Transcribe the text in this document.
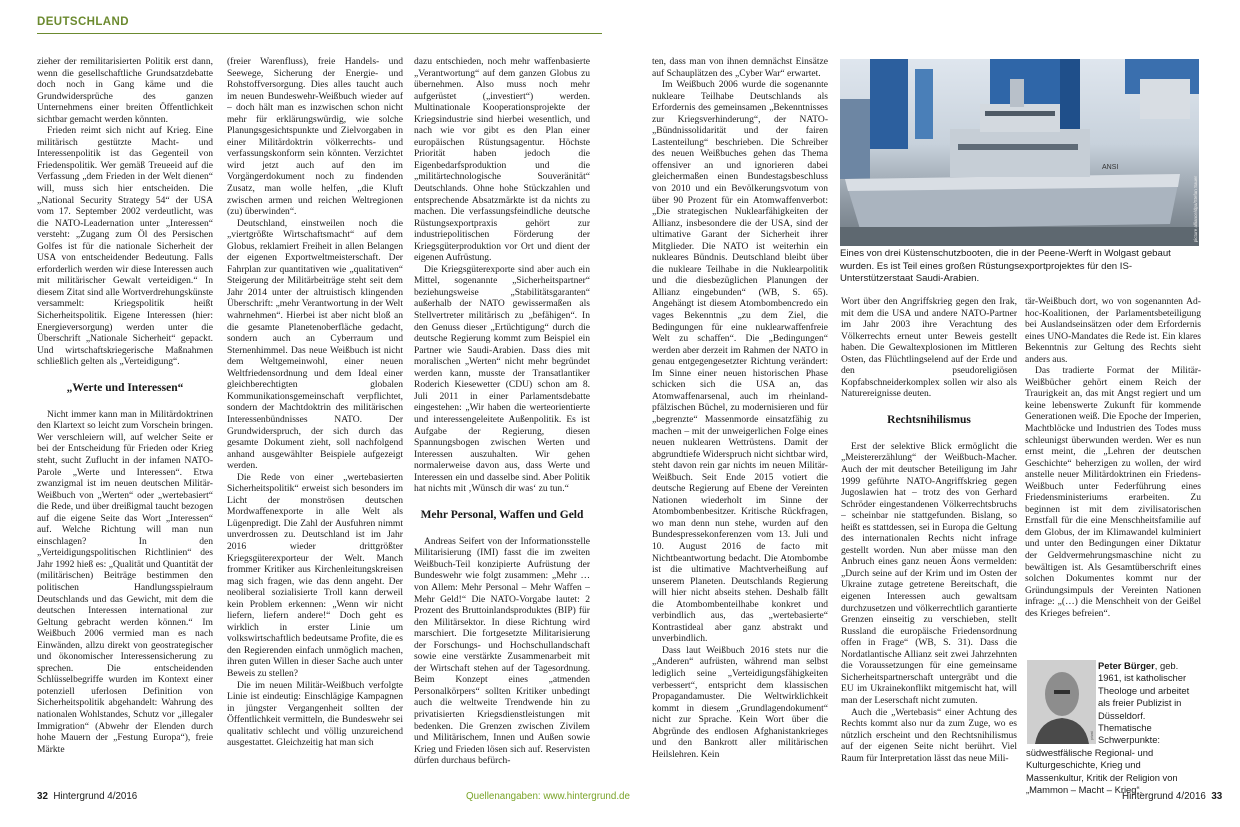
DEUTSCHLAND

zieher der remilitarisierten Politik erst dann, wenn die gesellschaftliche Grundsatzdebatte doch noch in Gang käme und die Grundwidersprüche des ganzen Unternehmens einer breiten Öffentlichkeit sichtbar gemacht werden könnten.

Frieden reimt sich nicht auf Krieg. Eine militärisch gestützte Macht- und Interessenpolitik ist das Gegenteil von Friedenspolitik. Wer gemäß Treueeid auf die Verfassung „dem Frieden in der Welt dienen“ will, muss sich hier entscheiden. Die „National Security Strategy 54“ der USA vom 17. September 2002 verdeutlicht, was die NATO-Leadernation unter „Interessen“ versteht: „Zugang zum Öl des Persischen Golfes ist für die nationale Sicherheit der USA von entscheidender Bedeutung. Falls erforderlich werden wir diese Interessen auch mit militärischer Gewalt verteidigen.“ In diesem Zitat sind alle Wortverdrehungskünste versammelt: Kriegspolitik heißt Sicherheitspolitik. Eigene Interessen (hier: Energieversorgung) werden unter die Überschrift „Nationale Sicherheit“ gepackt. Und wirtschaftskriegerische Maßnahmen schließlich gelten als „Verteidigung“.

„Werte und Interessen“

Nicht immer kann man in Militärdoktrinen den Klartext so leicht zum Vorschein bringen. Wer verschleiern will, auf welcher Seite er bei der Entscheidung für Frieden oder Krieg steht, sucht Zuflucht in der infamen NATO-Parole „Werte und Interessen“. Etwa zwanzigmal ist im neuen deutschen Militär-Weißbuch von „Werten“ oder „wertebasiert“ die Rede, und über dreißigmal taucht bezogen auf die eigene Seite das Wort „Interessen“ auf. Welche Richtung will man nun einschlagen? In den „Verteidigungspolitischen Richtlinien“ des Jahr 1992 hieß es: „Qualität und Quantität der (militärischen) Beiträge bestimmen den politischen Handlungsspielraum Deutschlands und das Gewicht, mit dem die deutschen Interessen international zur Geltung gebracht werden können.“ Im Weißbuch 2006 vermied man es nach Einwänden, allzu direkt von geostrategischer und ökonomischer Interessensicherung zu sprechen. Die entscheidenden Schlüsselbegriffe wurden im Kontext einer potenziell uferlosen Definition von Sicherheitspolitik abgehandelt: Wahrung des nationalen Wohlstandes, Schutz vor „illegaler Immigration“ (Abwehr der Elenden durch hohe Mauern der „Festung Europa“), freie Märkte

(freier Warenfluss), freie Handels- und Seewege, Sicherung der Energie- und Rohstoffversorgung. Dies alles taucht auch im neuen Bundeswehr-Weißbuch wieder auf – doch hält man es inzwischen schon nicht mehr für erklärungswürdig, wie solche Planungsgesichtspunkte und Zielvorgaben in einer Militärdoktrin völkerrechts- und verfassungskonform sein könnten. Verzichtet wird jetzt auch auf den im Vorgängerdokument noch zu findenden Zusatz, man wolle helfen, „die Kluft zwischen armen und reichen Weltregionen (zu) überwinden“.

Deutschland, einstweilen noch die „viertgrößte Wirtschaftsmacht“ auf dem Globus, reklamiert Freiheit in allen Belangen der eigenen Exportweltmeisterschaft. Der Fahrplan zur quantitativen wie „qualitativen“ Steigerung der Militärbeiträge steht seit dem Jahr 2014 unter der altruistisch klingenden Überschrift: „mehr Verantwortung in der Welt wahrnehmen“. Hierbei ist aber nicht bloß an die gesamte Planetenoberfläche gedacht, sondern auch an Cyberraum und Sternenhimmel. Das neue Weißbuch ist nicht dem Weltgemeinwohl, einer neuen Weltfriedensordnung und dem Ideal einer gleichberechtigten globalen Kommunikationsgemeinschaft verpflichtet, sondern der Machtdoktrin des militärischen Interessenbündnisses NATO. Der Grundwiderspruch, der sich durch das gesamte Dokument zieht, soll nachfolgend anhand ausgewählter Beispiele aufgezeigt werden.

Die Rede von einer „wertebasierten Sicherheitspolitik“ erweist sich besonders im Licht der monströsen deutschen Mordwaffenexporte in alle Welt als Lügenpredigt. Die Zahl der Ausfuhren nimmt unverdrossen zu. Deutschland ist im Jahr 2016 wieder drittgrößter Kriegsgüterexporteur der Welt. Manch frommer Kritiker aus Kirchenleitungskreisen mag sich fragen, wie das denn angeht. Der neoliberal sozialisierte Troll kann derweil kein Problem erkennen: „Wenn wir nicht liefern, liefern andere!“ Doch geht es wirklich in erster Linie um volkswirtschaftlich bedeutsame Profite, die es den Regierenden einfach unmöglich machen, ihren guten Willen in dieser Sache auch unter Beweis zu stellen?

Die im neuen Militär-Weißbuch verfolgte Linie ist eindeutig: Einschlägige Kampagnen in jüngster Vergangenheit sollten der Öffentlichkeit vermitteln, die Bundeswehr sei qualitativ schlecht und völlig unzureichend ausgestattet. Gleichzeitig hat man sich

dazu entschieden, noch mehr waffenbasierte „Verantwortung“ auf dem ganzen Globus zu übernehmen. Also muss noch mehr aufgerüstet („investiert“) werden. Multinationale Kooperationsprojekte der Kriegsindustrie sind hierbei wesentlich, und nach wie vor gibt es den Plan einer europäischen Rüstungsagentur. Höchste Priorität haben jedoch die Eigenbedarfsproduktion und die „militärtechnologische Souveränität“ Deutschlands. Ohne hohe Stückzahlen und entsprechende Absatzmärkte ist da nichts zu machen. Die verfassungsfeindliche deutsche Rüstungsexportpraxis gehört zur industriepolitischen Förderung der Kriegsgüterproduktion vor Ort und dient der eigenen Aufrüstung.

Die Kriegsgüterexporte sind aber auch ein Mittel, sogenannte „Sicherheitspartner“ beziehungsweise „Stabilitätsgaranten“ außerhalb der NATO gewissermaßen als Stellvertreter militärisch zu „befähigen“. In den Genuss dieser „Ertüchtigung“ durch die deutsche Regierung kommt zum Beispiel ein Partner wie Saudi-Arabien. Dass dies mit moralischen „Werten“ nicht mehr begründet werden kann, musste der Transatlantiker Roderich Kiesewetter (CDU) schon am 8. Juli 2011 in einer Parlamentsdebatte eingestehen: „Wir haben die werteorientierte und interessengeleitete Außenpolitik. Es ist Aufgabe der Regierung, diesen Spannungsbogen zwischen Werten und Interessen auszuhalten. Wir gehen normalerweise davon aus, dass Werte und Interessen ein und dasselbe sind. Aber Politik hat nichts mit ‚Wünsch dir was‘ zu tun.“

Mehr Personal, Waffen und Geld

Andreas Seifert von der Informationsstelle Militarisierung (IMI) fasst die im zweiten Weißbuch-Teil konzipierte Aufrüstung der Bundeswehr wie folgt zusammen: „Mehr … von Allem: Mehr Personal – Mehr Waffen – Mehr Geld!“ Die NATO-Vorgabe lautet: 2 Prozent des Bruttoinlandsproduktes (BIP) für den Militärsektor. In diese Richtung wird marschiert. Die fortgesetzte Militarisierung der Forschungs- und Hochschullandschaft sowie eine verstärkte Zusammenarbeit mit der Wirtschaft stehen auf der Tagesordnung. Beim Konzept eines „atmenden Personalkörpers“ sollten Kritiker unbedingt auch die weltweite Trendwende hin zu privatisierten Kriegsdienstleistungen mit bedenken. Die Grenzen zwischen Zivilem und Militärischem, Innen und Außen sowie Krieg und Frieden lösen sich auf. Reservisten dürfen durchaus befürch-

ten, dass man von ihnen demnächst Einsätze auf Schauplätzen des „Cyber War“ erwartet.

Im Weißbuch 2006 wurde die sogenannte nukleare Teilhabe Deutschlands als Erfordernis des gemeinsamen „Bekenntnisses zur Kriegsverhinderung“, der NATO-„Bündnissolidarität und der fairen Lastenteilung“ beschrieben. Die Schreiber des neuen Weißbuches gehen das Thema offensiver an und ignorieren dabei gleichermaßen einen Bundestagsbeschluss von 2010 und ein Bevölkerungsvotum von über 90 Prozent für ein Atomwaffenverbot: „Die strategischen Nuklearfähigkeiten der Allianz, insbesondere die der USA, sind der ultimative Garant der Sicherheit ihrer Mitglieder. Die NATO ist weiterhin ein nukleares Bündnis. Deutschland bleibt über die nukleare Teilhabe in die Nuklearpolitik und die diesbezüglichen Planungen der Allianz eingebunden“ (WB, S. 65). Angehängt ist diesem Atombombencredo ein vages Bekenntnis „zu dem Ziel, die Bedingungen für eine nuklearwaffenfreie Welt zu schaffen“. Die „Bedingungen“ werden aber derzeit im Rahmen der NATO in genau entgegengesetzter Richtung verändert: Im Sinne einer neuen historischen Phase schicken sich die USA an, das Atomwaffenarsenal, auch im rheinland-pfälzischen Büchel, zu modernisieren und für „begrenzte“ Massenmorde einsatzfähig zu machen – mit der unweigerlichen Folge eines neuen nuklearen Wettrüstens. Damit der abgrundtiefe Widerspruch nicht sichtbar wird, steht davon rein gar nichts im neuen Militär-Weißbuch. Seit Ende 2015 votiert die deutsche Regierung auf Ebene der Vereinten Nationen wiederholt im Sinne der Atombombenbesitzer. Kritische Rückfragen, wo man denn nun stehe, wurden auf den Bundespressekonferenzen vom 13. Juli und 10. August 2016 de facto mit Nichtbeantwortung bedacht. Die Atombombe ist die ultimative Machtverheißung auf unserem Planeten. Deutschlands Regierung will hier nicht abseits stehen. Deshalb fällt die Atombombenteilhabe konkret und verbindlich aus, das „wertebasierte“ Kontrastideal aber ganz abstrakt und unverbindlich.

Dass laut Weißbuch 2016 stets nur die „Anderen“ aufrüsten, während man selbst lediglich seine „Verteidigungsfähigkeiten verbessert“, entspricht dem klassischen Propagandamuster. Die Weltwirklichkeit kommt in diesem „Grundlagendokument“ nicht zur Sprache. Kein Wort über die Abgründe des endlosen Afghanistankrieges und den Bankrott aller militärischen Heilslehren. Kein

Wort über den Angriffskrieg gegen den Irak, mit dem die USA und andere NATO-Partner im Jahr 2003 ihre Verachtung des Völkerrechts erneut unter Beweis gestellt haben. Die Gewaltexplosionen im Mittleren Osten, das Flüchtlingselend auf der Erde und den pseudoreligiösen Kopfabschneiderkomplex sollen wir also als Naturereignisse deuten.

Rechtsnihilismus

Erst der selektive Blick ermöglicht die „Meistererzählung“ der Weißbuch-Macher. Auch der mit deutscher Beteiligung im Jahr 1999 geführte NATO-Angriffskrieg gegen Jugoslawien hat – trotz des von Gerhard Schröder eingestandenen Völkerrechtsbruchs – scheinbar nie stattgefunden. Bislang, so heißt es stattdessen, sei in Europa die Geltung des internationalen Rechts nicht infrage gestellt worden. Nun aber müsse man den Anbruch eines ganz neuen Äons vermelden: „Durch seine auf der Krim und im Osten der Ukraine zutage getretene Bereitschaft, die eigenen Interessen auch gewaltsam durchzusetzen und völkerrechtlich garantierte Grenzen einseitig zu verschieben, stellt Russland die europäische Friedensordnung offen in Frage“ (WB, S. 31). Dass die Nordatlantische Allianz seit zwei Jahrzehnten die Voraussetzungen für eine gemeinsame Sicherheitspartnerschaft untergräbt und die EU im Ukrainekonflikt mitgemischt hat, will man der Leserschaft nicht zumuten.

Auch die „Wertebasis“ einer Achtung des Rechts kommt also nur da zum Zuge, wo es nützlich erscheint und den Rechtsnihilismus auf der eigenen Seite nicht berührt. Viel Raum für Interpretation lässt das neue Mili-

tär-Weißbuch dort, wo von sogenannten Ad-hoc-Koalitionen, der Parlamentsbeteiligung bei Auslandseinsätzen oder dem Erfordernis eines UNO-Mandates die Rede ist. Ein klares Bekenntnis zur Geltung des Rechts sieht anders aus.

Das tradierte Format der Militär-Weißbücher gehört einem Reich der Traurigkeit an, das mit Angst regiert und um keine lebenswerte Zukunft für kommende Generationen weiß. Die Epoche der Imperien, Machtblöcke und Industrien des Todes muss schleunigst überwunden werden. Wer es nun ernst meint, die „Lehren der deutschen Geschichte“ beherzigen zu wollen, der wird anstelle neuer Militärdoktrinen ein Friedens-Weißbuch unter Federführung eines Friedensministeriums erarbeiten. Zu beginnen ist mit dem zivilisatorischen Ernstfall für die eine Menschheitsfamilie auf dem Globus, der im Klimawandel kulminiert und unter den Bedingungen einer Diktatur der Geldvermehrungsmaschine nicht zu bewältigen ist. Als Gesamtüberschrift eines solchen Dokumentes kommt nur der Gründungsimpuls der Vereinten Nationen infrage: „(…) die Menschheit von der Geißel des Krieges befreien“.

ANSI
picture alliance/dpa/Stefan Sauer
Eines von drei Küstenschutzbooten, die in der Peene-Werft in Wolgast gebaut wurden. Es ist Teil eines großen Rüstungsexportprojektes für den IS-Unterstützerstaat Saudi-Arabien.
privat
Peter Bürger, geb. 1961, ist katholischer Theologe und arbeitet als freier Publizist in Düsseldorf. Thematische Schwerpunkte: südwestfälische Regional- und Kulturgeschichte, Krieg und Massenkultur, Kritik der Religion von „Mammon – Macht – Krieg“.
32 Hintergrund 4/2016	Quellenangaben: www.hintergrund.de	Hintergrund 4/2016 33
